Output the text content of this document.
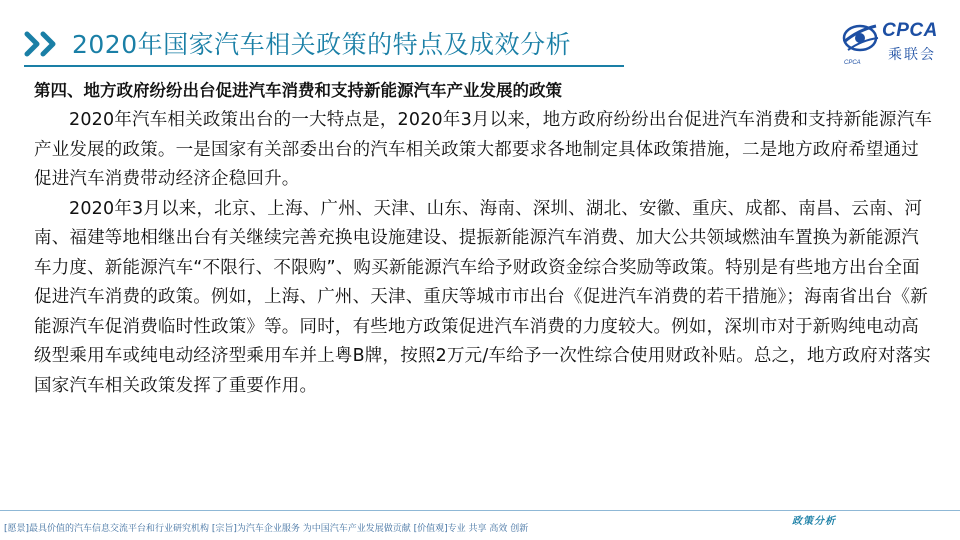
2020年国家汽车相关政策的特点及成效分析	CPCA
乘联会
CPCA

第四、地方政府纷纷出台促进汽车消费和支持新能源汽车产业发展的政策

2020年汽车相关政策出台的一大特点是，2020年3月以来，地方政府纷纷出台促进汽车消费和支持新能源汽车产业发展的政策。一是国家有关部委出台的汽车相关政策大都要求各地制定具体政策措施，二是地方政府希望通过促进汽车消费带动经济企稳回升。

2020年3月以来，北京、上海、广州、天津、山东、海南、深圳、湖北、安徽、重庆、成都、南昌、云南、河南、福建等地相继出台有关继续完善充换电设施建设、提振新能源汽车消费、加大公共领域燃油车置换为新能源汽车力度、新能源汽车“不限行、不限购”、购买新能源汽车给予财政资金综合奖励等政策。特别是有些地方出台全面促进汽车消费的政策。例如，上海、广州、天津、重庆等城市市出台《促进汽车消费的若干措施》；海南省出台《新能源汽车促消费临时性政策》等。同时，有些地方政策促进汽车消费的力度较大。例如，深圳市对于新购纯电动高级型乘用车或纯电动经济型乘用车并上粤B牌，按照2万元/车给予一次性综合使用财政补贴。总之，地方政府对落实国家汽车相关政策发挥了重要作用。

政策分析
[愿景]最具价值的汽车信息交流平台和行业研究机构 [宗旨]为汽车企业服务 为中国汽车产业发展做贡献 [价值观]专业 共享 高效 创新
